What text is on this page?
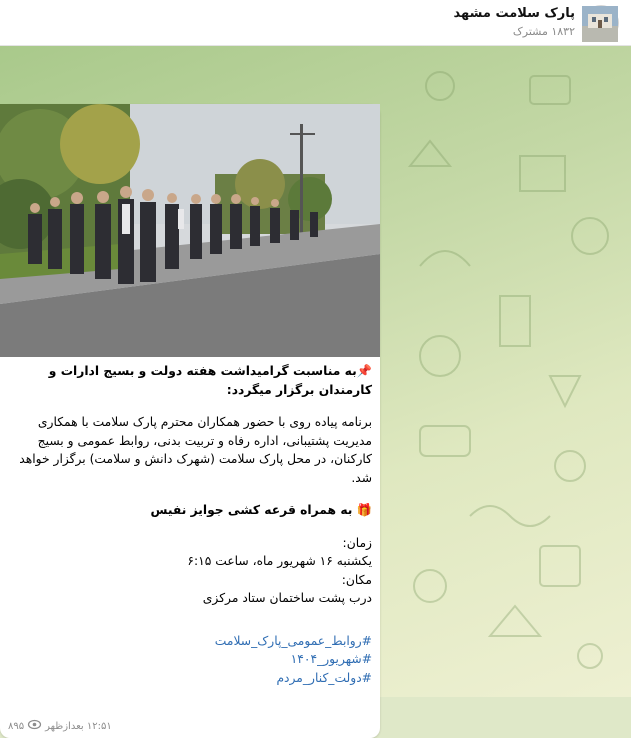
پارک سلامت مشهد
۱۸۳۲ مشترک
📌به مناسبت گرامیداشت هفته دولت و بسیج ادارات و کارمندان برگزار میگردد:
برنامه پیاده روی با حضور همکاران محترم پارک سلامت با همکاری مدیریت پشتیبانی، اداره رفاه و تربیت بدنی، روابط عمومی و بسیج کارکنان، در محل پارک سلامت (شهرک دانش و سلامت) برگزار خواهد شد.
🎁 به همراه قرعه کشی جوایز نفیس
زمان:
یکشنبه ۱۶ شهریور ماه، ساعت ۶:۱۵
مکان:
درب پشت ساختمان ستاد مرکزی
#روابط_عمومی_پارک_سلامت
#شهریور_۱۴۰۴
#دولت_کنار_مردم
۱۲:۵۱ بعدازظهر
۸۹۵
